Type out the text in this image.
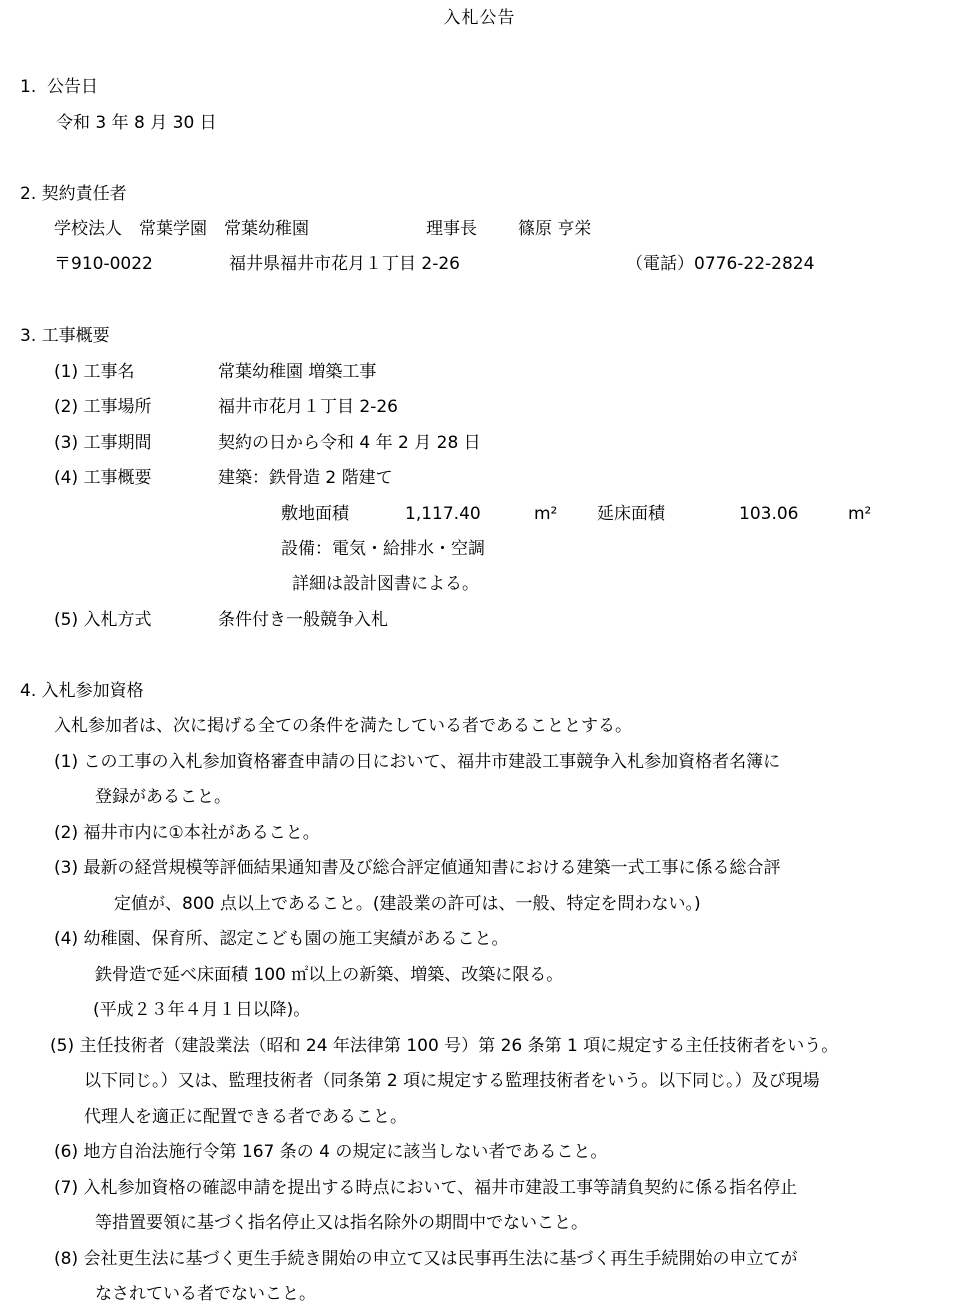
入札公告
1.  公告日
令和 3 年 8 月 30 日
2. 契約責任者
学校法人　常葉学園　常葉幼稚園	理事長 篠原 亨栄
〒910-0022	福井県福井市花月１丁目 2-26	（電話）0776-22-2824
3. 工事概要
(1) 工事名	常葉幼稚園 増築工事
(2) 工事場所	福井市花月１丁目 2-26
(3) 工事期間	契約の日から令和 4 年 2 月 28 日
(4) 工事概要	建築：鉄骨造 2 階建て
敷地面積	1,117.40	m² 延床面積	103.06	m²
設備：電気・給排水・空調
詳細は設計図書による。
(5) 入札方式	条件付き一般競争入札
4. 入札参加資格
入札参加者は、次に掲げる全ての条件を満たしている者であることとする。
(1) この工事の入札参加資格審査申請の日において、福井市建設工事競争入札参加資格者名簿に
登録があること。
(2) 福井市内に①本社があること。
(3) 最新の経営規模等評価結果通知書及び総合評定値通知書における建築一式工事に係る総合評
定値が、800 点以上であること。(建設業の許可は、一般、特定を問わない。)
(4) 幼稚園、保育所、認定こども園の施工実績があること。
鉄骨造で延べ床面積 100 ㎡以上の新築、増築、改築に限る。
(平成２３年４月１日以降)。
(5) 主任技術者（建設業法（昭和 24 年法律第 100 号）第 26 条第 1 項に規定する主任技術者をいう。
以下同じ。）又は、監理技術者（同条第 2 項に規定する監理技術者をいう。以下同じ。）及び現場
代理人を適正に配置できる者であること。
(6) 地方自治法施行令第 167 条の 4 の規定に該当しない者であること。
(7) 入札参加資格の確認申請を提出する時点において、福井市建設工事等請負契約に係る指名停止
等措置要領に基づく指名停止又は指名除外の期間中でないこと。
(8) 会社更生法に基づく更生手続き開始の申立て又は民事再生法に基づく再生手続開始の申立てが
なされている者でないこと。
